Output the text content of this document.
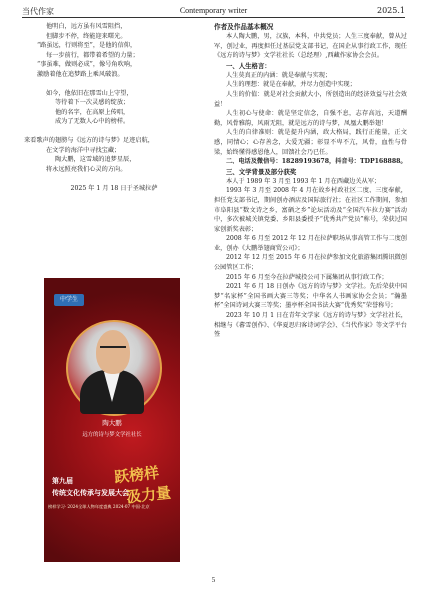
当代作家	Contemporary writer	2025.1
他明白，远方虽有风雪阻挡，
但脚步不停，终能迎来曙光。
“路虽远，行则将至”，是他的信仰，
每一步前行，都带着希望的力量；
“事虽难，做则必成”，像号角吹响，
激励着他在追梦路上乘风破浪。
如今，他依旧在那雪山上守望，
等待着下一次灵感的绽放；
他的名字，在高原上传唱，
成为了无数人心中的榜样。
来看歌声的翅膀与《远方的诗与梦》足迹启航，
在文学的海洋中寻找宝藏；
陶大鹏，这雪域的追梦星辰，
将永远照亮我们心灵的方向。
2025 年 1 月 18 日于圣城拉萨
中学生
陶大鹏
远方的诗与梦文学社社长
第九届
传统文化传承与发展大会
跃榜样
汲力量
榜样学习· 2024全球人物年度盛典 2024·07 中国·北京

作者及作品基本概况

本人陶大鹏，男，汉族，本科，中共党员；人生三度奉献，曾从过军，创过业，再度担任过基层党支部书记，在国企从事行政工作，现任《远方的诗与梦》文学社社长（总经理）,西藏作家协会会员。

一、人生格言：

人生莫真正的内涵：就是奉献与实现；

人生的理想：就是在奉献，并尽力创造中实现；

人生的价值：就是对社会贡献大小，所创造出的经济效益与社会效益！

人生初心与使命：就是坚定信念，自强不息，志存高远，天道酬勤，风骨雅韵，风雨无阻，就是远方的诗与梦，凤凰大鹏举翅！

人生的自律准则：就是提升内涵，政大格局，践行正能量，正文感，同情心；心存善念，大爱无疆；彰显不卑不亢，风骨，血性与骨梁，始终懂得感恩他人，回馈社会乃已任。

二、电话及微信号：18289193678，抖音号：TDP168888。

三、文学背景及部分获奖

本人于 1989 年 3 月至 1993 年 1 月在西藏边关从军；

1993 年 3 月至 2008 年 4 月在故乡村政社区二度、三度奉献，担任党支部书记，期间创办酒店及国际旅行社；在社区工作期间，参加市阜阳县“数文诗之乡，富硒之乡”论坛活动及“全国汽车拉力赛”活动中，多次被城关镇党委、乡阳县委授予“优秀共产党员”称号，荣获过国家创新奖表彰；

2008 年 6 月至 2012 年 12 月在拉萨职场从事高管工作与二度创业，创办《大鹏举翅商贸公司》；

2012 年 12 月至 2015 年 6 月在拉萨参加文化旅游集团腾讯微创公园管区工作；

2015 年 6 月至今在拉萨城投公司下属集团从事行政工作；

2021 年 6 月 18 日创办《远方的诗与梦》文学社。先后荣获中国梦“名家杯”全国书画大赛三等奖；中华名人书画家协会会员；“瀚墨杯”全国诗词大赛三等奖；墨亭杯全国书法大赛“优秀奖”荣誉称号；

2023 年 10 月 1 日在青年文学家《远方的诗与梦》文学社社长，相继与《蕃雪创作》、《华夏思归客诗词学会》、《当代作家》等文学平台签

5
